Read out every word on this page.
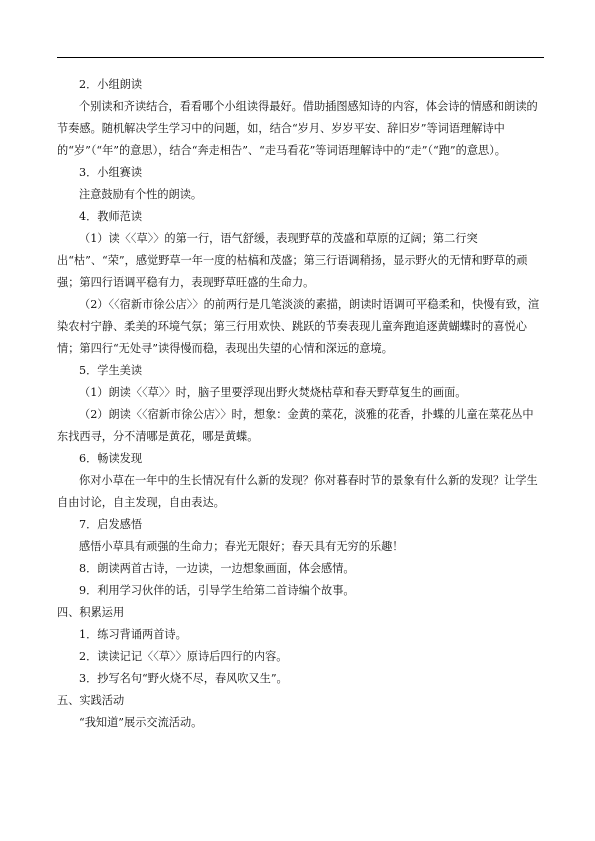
2．小组朗读

个别读和齐读结合，看看哪个小组读得最好。借助插图感知诗的内容，体会诗的情感和朗读的节奏感。随机解决学生学习中的问题，如，结合“岁月、岁岁平安、辞旧岁”等词语理解诗中的“岁”（“年”的意思），结合“奔走相告”、“走马看花”等词语理解诗中的“走”（“跑”的意思）。

3．小组赛读

注意鼓励有个性的朗读。

4．教师范读

（1）读〈〈草〉〉的第一行，语气舒缓，表现野草的茂盛和草原的辽阔；第二行突出“枯”、“荣”，感觉野草一年一度的枯槁和茂盛；第三行语调稍扬，显示野火的无情和野草的顽强；第四行语调平稳有力，表现野草旺盛的生命力。

（2）〈〈宿新市徐公店〉〉的前两行是几笔淡淡的素描，朗读时语调可平稳柔和，快慢有致，渲染农村宁静、柔美的环境气氛；第三行用欢快、跳跃的节奏表现儿童奔跑追逐黄蝴蝶时的喜悦心情；第四行“无处寻”读得慢而稳，表现出失望的心情和深远的意境。

5．学生美读

（1）朗读〈〈草〉〉时，脑子里要浮现出野火焚烧枯草和春天野草复生的画面。

（2）朗读〈〈宿新市徐公店〉〉时，想象：金黄的菜花，淡雅的花香，扑蝶的儿童在菜花丛中东找西寻，分不清哪是黄花，哪是黄蝶。

6．畅读发现

你对小草在一年中的生长情况有什么新的发现？你对暮春时节的景象有什么新的发现？让学生自由讨论，自主发现，自由表达。

7．启发感悟

感悟小草具有顽强的生命力；春光无限好；春天具有无穷的乐趣！

8．朗读两首古诗，一边读，一边想象画面，体会感情。

9．利用学习伙伴的话，引导学生给第二首诗编个故事。

四、积累运用

1．练习背诵两首诗。

2．读读记记〈〈草〉〉原诗后四行的内容。

3．抄写名句“野火烧不尽，春风吹又生”。

五、实践活动

“我知道”展示交流活动。
